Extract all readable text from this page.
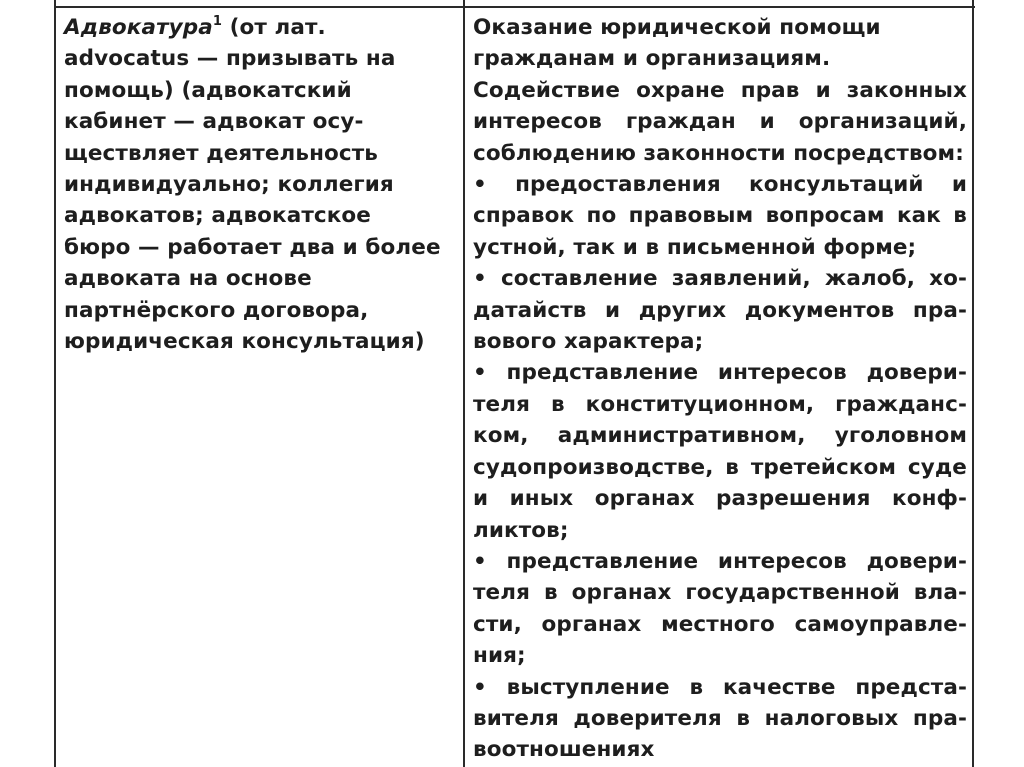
Адвокатура$^1$ (от лат.
advocatus — призывать на
помощь) (адвокатский
кабинет — адвокат осу-
ществляет деятельность
индивидуально; коллегия
адвокатов; адвокатское
бюро — работает два и более
адвоката на основе
партнёрского договора,
юридическая консультация)
Оказание юридической помощи
гражданам и организациям.
Содействие охране прав и законных
интересов граждан и организаций,
соблюдению законности посредством:
• предоставления консультаций и
справок по правовым вопросам как в
устной, так и в письменной форме;
• составление заявлений, жалоб, хо-
датайств и других документов пра-
вового характера;
• представление интересов довери-
теля в конституционном, гражданс-
ком, административном, уголовном
судопроизводстве, в третейском суде
и иных органах разрешения конф-
ликтов;
• представление интересов довери-
теля в органах государственной вла-
сти, органах местного самоуправле-
ния;
• выступление в качестве предста-
вителя доверителя в налоговых пра-
воотношениях
